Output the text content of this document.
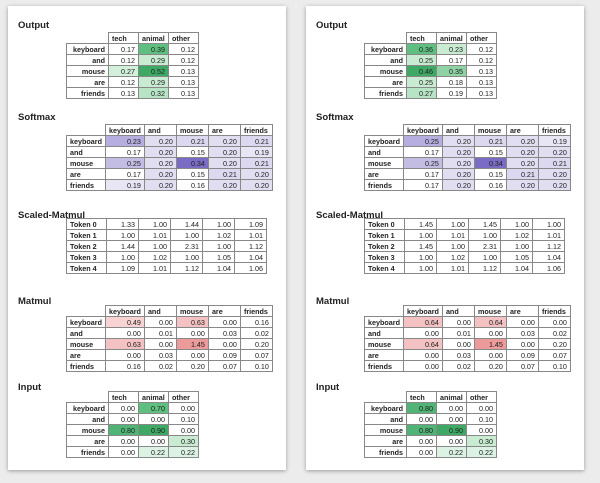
Output
	tech	animal	other
keyboard	0.17	0.39	0.12
and	0.12	0.29	0.12
mouse	0.27	0.52	0.13
are	0.12	0.29	0.13
friends	0.13	0.32	0.13
Softmax
	keyboard	and	mouse	are	friends
keyboard	0.23	0.20	0.21	0.20	0.21
and	0.17	0.20	0.15	0.20	0.19
mouse	0.25	0.20	0.34	0.20	0.21
are	0.17	0.20	0.15	0.21	0.20
friends	0.19	0.20	0.16	0.20	0.20
Scaled-Matmul
Token 0	1.33	1.00	1.44	1.00	1.09
Token 1	1.00	1.01	1.00	1.02	1.01
Token 2	1.44	1.00	2.31	1.00	1.12
Token 3	1.00	1.02	1.00	1.05	1.04
Token 4	1.09	1.01	1.12	1.04	1.06
Matmul
	keyboard	and	mouse	are	friends
keyboard	0.49	0.00	0.63	0.00	0.16
and	0.00	0.01	0.00	0.03	0.02
mouse	0.63	0.00	1.45	0.00	0.20
are	0.00	0.03	0.00	0.09	0.07
friends	0.16	0.02	0.20	0.07	0.10
Input
	tech	animal	other
keyboard	0.00	0.70	0.00
and	0.00	0.00	0.10
mouse	0.80	0.90	0.00
are	0.00	0.00	0.30
friends	0.00	0.22	0.22
Output
	tech	animal	other
keyboard	0.36	0.23	0.12
and	0.25	0.17	0.12
mouse	0.46	0.35	0.13
are	0.25	0.18	0.13
friends	0.27	0.19	0.13
Softmax
	keyboard	and	mouse	are	friends
keyboard	0.25	0.20	0.21	0.20	0.19
and	0.17	0.20	0.15	0.20	0.20
mouse	0.25	0.20	0.34	0.20	0.21
are	0.17	0.20	0.15	0.21	0.20
friends	0.17	0.20	0.16	0.20	0.20
Scaled-Matmul
Token 0	1.45	1.00	1.45	1.00	1.00
Token 1	1.00	1.01	1.00	1.02	1.01
Token 2	1.45	1.00	2.31	1.00	1.12
Token 3	1.00	1.02	1.00	1.05	1.04
Token 4	1.00	1.01	1.12	1.04	1.06
Matmul
	keyboard	and	mouse	are	friends
keyboard	0.64	0.00	0.64	0.00	0.00
and	0.00	0.01	0.00	0.03	0.02
mouse	0.64	0.00	1.45	0.00	0.20
are	0.00	0.03	0.00	0.09	0.07
friends	0.00	0.02	0.20	0.07	0.10
Input
	tech	animal	other
keyboard	0.80	0.00	0.00
and	0.00	0.00	0.10
mouse	0.80	0.90	0.00
are	0.00	0.00	0.30
friends	0.00	0.22	0.22
